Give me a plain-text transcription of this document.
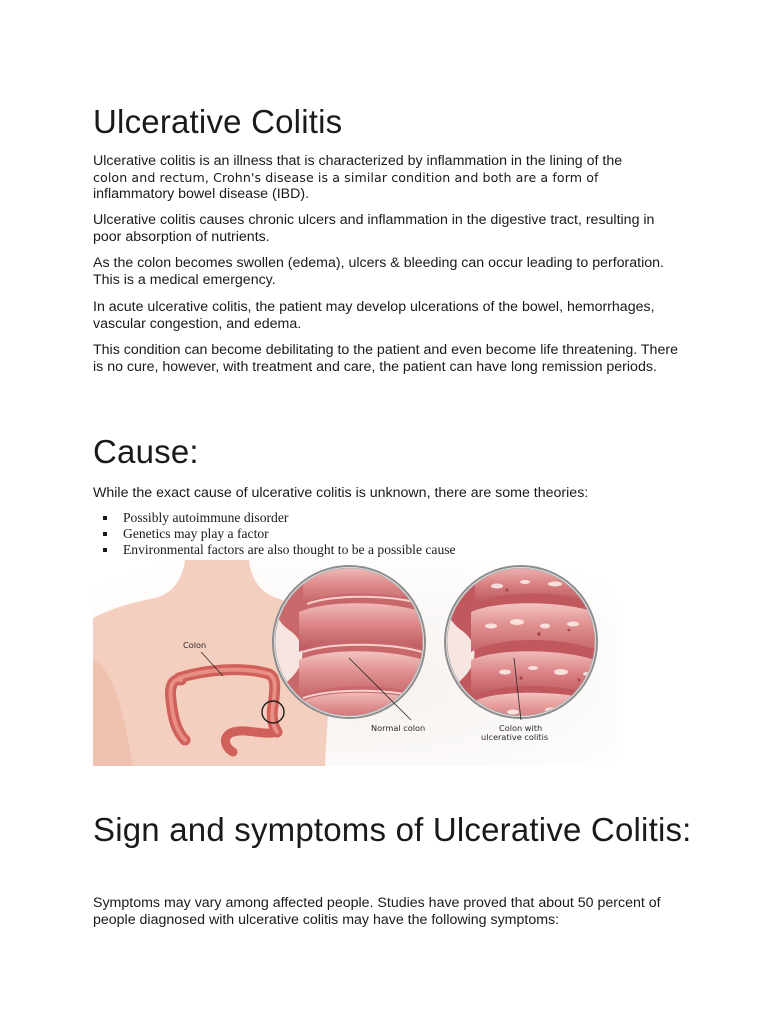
Ulcerative Colitis

Ulcerative colitis is an illness that is characterized by inflammation in the lining of the
colon and rectum, Crohn's disease is a similar condition and both are a form of
inflammatory bowel disease (IBD).

Ulcerative colitis causes chronic ulcers and inflammation in the digestive tract, resulting in poor absorption of nutrients.

As the colon becomes swollen (edema), ulcers & bleeding can occur leading to perforation. This is a medical emergency.

In acute ulcerative colitis, the patient may develop ulcerations of the bowel, hemorrhages, vascular congestion, and edema.

This condition can become debilitating to the patient and even become life threatening. There is no cure, however, with treatment and care, the patient can have long remission periods.

Cause:

While the exact cause of ulcerative colitis is unknown, there are some theories:

Possibly autoimmune disorder
Genetics may play a factor
Environmental factors are also thought to be a possible cause
Sign and symptoms of Ulcerative Colitis:

Symptoms may vary among affected people. Studies have proved that about 50 percent of people diagnosed with ulcerative colitis may have the following symptoms:

Colon
Normal colon	Colon with
ulcerative colitis
